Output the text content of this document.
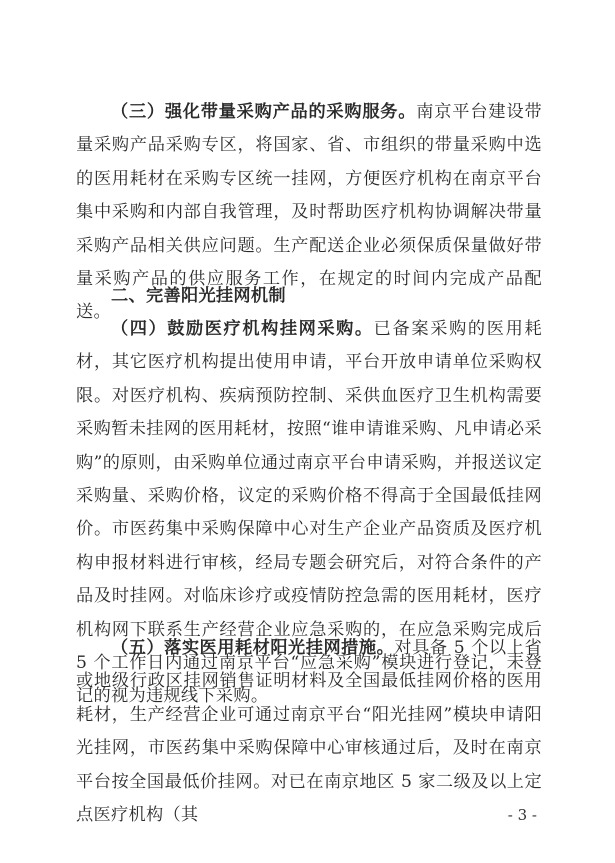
（三）强化带量采购产品的采购服务。南京平台建设带量采购产品采购专区，将国家、省、市组织的带量采购中选的医用耗材在采购专区统一挂网，方便医疗机构在南京平台集中采购和内部自我管理，及时帮助医疗机构协调解决带量采购产品相关供应问题。生产配送企业必须保质保量做好带量采购产品的供应服务工作，在规定的时间内完成产品配送。

二、完善阳光挂网机制

（四）鼓励医疗机构挂网采购。已备案采购的医用耗材，其它医疗机构提出使用申请，平台开放申请单位采购权限。对医疗机构、疾病预防控制、采供血医疗卫生机构需要采购暂未挂网的医用耗材，按照“谁申请谁采购、凡申请必采购”的原则，由采购单位通过南京平台申请采购，并报送议定采购量、采购价格，议定的采购价格不得高于全国最低挂网价。市医药集中采购保障中心对生产企业产品资质及医疗机构申报材料进行审核，经局专题会研究后，对符合条件的产品及时挂网。对临床诊疗或疫情防控急需的医用耗材，医疗机构网下联系生产经营企业应急采购的，在应急采购完成后 5 个工作日内通过南京平台“应急采购”模块进行登记，未登记的视为违规线下采购。

（五）落实医用耗材阳光挂网措施。对具备 5 个以上省或地级行政区挂网销售证明材料及全国最低挂网价格的医用耗材，生产经营企业可通过南京平台“阳光挂网”模块申请阳光挂网，市医药集中采购保障中心审核通过后，及时在南京平台按全国最低价挂网。对已在南京地区 5 家二级及以上定点医疗机构（其	- 3 -
